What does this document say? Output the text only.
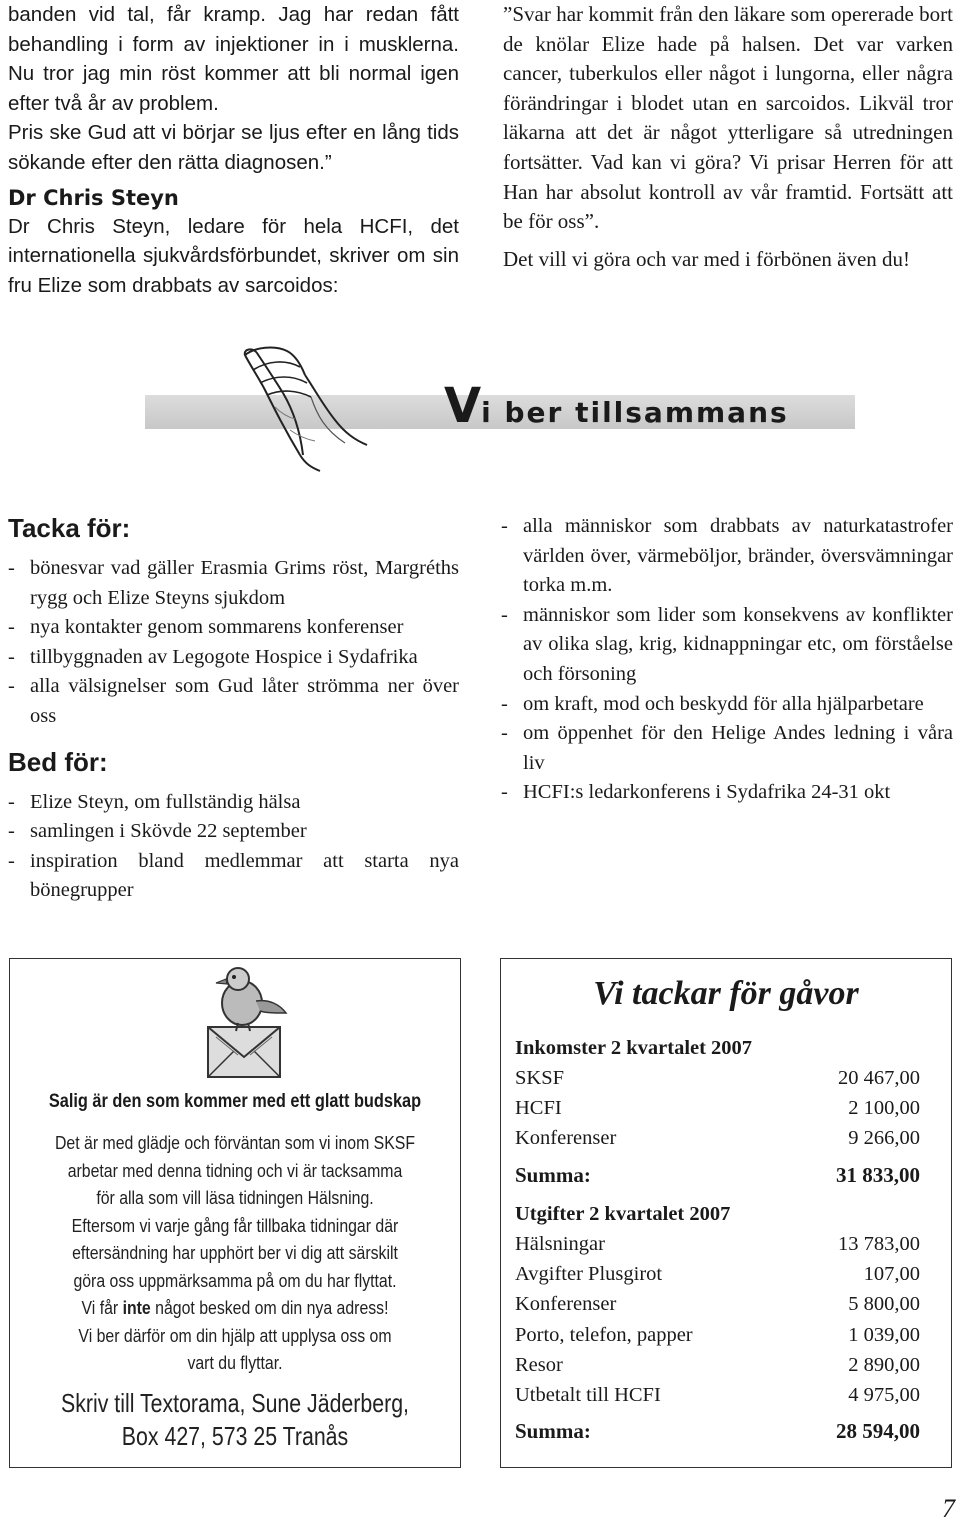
banden vid tal, får kramp. Jag har redan fått behandling i form av injektioner in i musklerna. Nu tror jag min röst kommer att bli normal igen efter två år av problem.

Pris ske Gud att vi börjar se ljus efter en lång tids sökande efter den rätta diagnosen.”

Dr Chris Steyn

Dr Chris Steyn, ledare för hela HCFI, det internationella sjukvårdsförbundet, skriver om sin fru Elize som drabbats av sarcoidos:

”Svar har kommit från den läkare som opererade bort de knölar Elize hade på halsen. Det var varken cancer, tuberkulos eller något i lungorna, eller några förändringar i blodet utan en sarcoidos. Likväl tror läkarna att det är något ytterligare så utredningen fortsätter. Vad kan vi göra? Vi prisar Herren för att Han har absolut kontroll av vår framtid. Fortsätt att be för oss”.

Det vill vi göra och var med i förbönen även du!

Vi ber tillsammans
Tacka för:
- bönesvar vad gäller Erasmia Grims röst, Margréths rygg och Elize Steyns sjukdom
- nya kontakter genom sommarens konferenser
- tillbyggnaden av Legogote Hospice i Sydafrika
- alla välsignelser som Gud låter strömma ner över oss
Bed för:
- Elize Steyn, om fullständig hälsa
- samlingen i Skövde 22 september
- inspiration bland medlemmar att starta nya bönegrupper
- alla människor som drabbats av naturkatastrofer världen över, värmeböljor, bränder, översvämningar torka m.m.
- människor som lider som konsekvens av konflikter av olika slag, krig, kidnappningar etc, om förståelse och försoning
- om kraft, mod och beskydd för alla hjälparbetare
- om öppenhet för den Helige Andes ledning i våra liv
- HCFI:s ledarkonferens i Sydafrika 24-31 okt
Salig är den som kommer med ett glatt budskap
Det är med glädje och förväntan som vi inom SKSF
arbetar med denna tidning och vi är tacksamma
för alla som vill läsa tidningen Hälsning.
Eftersom vi varje gång får tillbaka tidningar där
eftersändning har upphört ber vi dig att särskilt
göra oss uppmärksamma på om du har flyttat.
Vi får inte något besked om din nya adress!
Vi ber därför om din hjälp att upplysa oss om
vart du flyttar.
Skriv till Textorama, Sune Jäderberg,
Box 427, 573 25 Tranås
Vi tackar för gåvor
Inkomster 2 kvartalet 2007
SKSF	20 467,00
HCFI	2 100,00
Konferenser	9 266,00
Summa:	31 833,00
Utgifter 2 kvartalet 2007
Hälsningar	13 783,00
Avgifter Plusgirot	107,00
Konferenser	5 800,00
Porto, telefon, papper	1 039,00
Resor	2 890,00
Utbetalt till HCFI	4 975,00
Summa:	28 594,00
7
